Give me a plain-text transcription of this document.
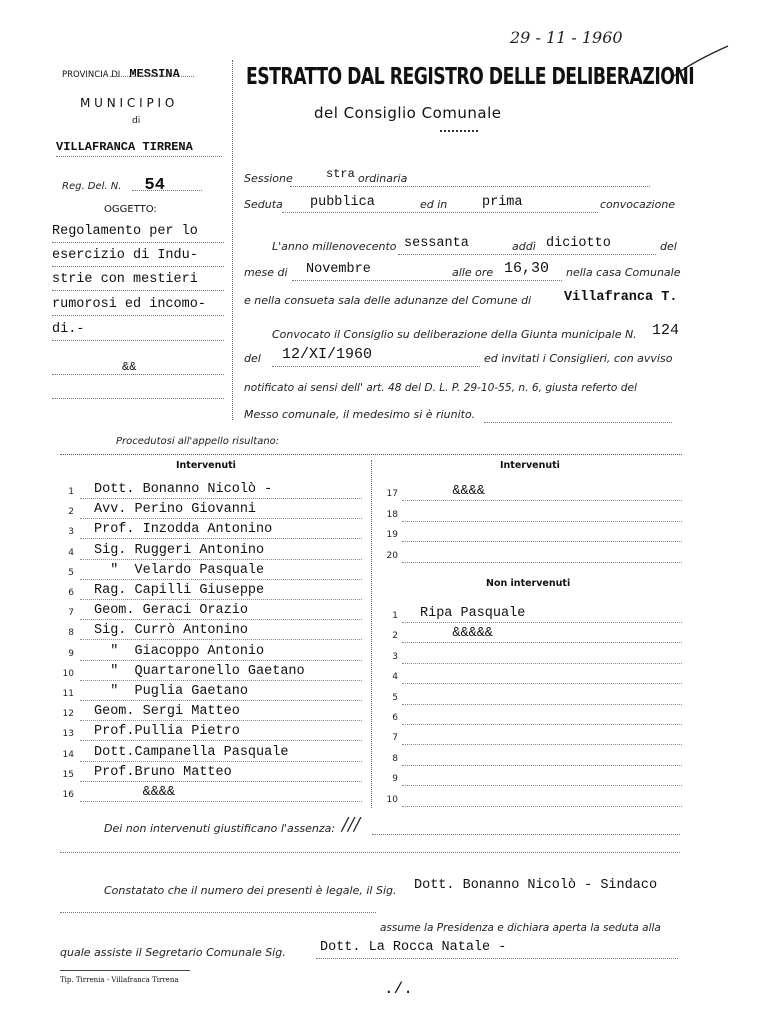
29 - 11 - 1960
PROVINCIA DI MESSINA
M U N I C I P I O
di
VILLAFRANCA TIRRENA
Reg. Del. N. 54
OGGETTO:
Regolamento per lo
esercizio di Indu-
strie con mestieri
rumorosi ed incomo-
di.-
&&
ESTRATTO DAL REGISTRO DELLE DELIBERAZIONI
del Consiglio Comunale
Sessione	stra ordinaria
Seduta pubblica	ed in	prima	convocazione
L'anno millenovecento sessanta	addì diciotto	del
mese di Novembre	alle ore 16,30 nella casa Comunale
e nella consueta sala delle adunanze del Comune di Villafranca T.
Convocato il Consiglio su deliberazione della Giunta municipale N. 124
del 12/XI/1960	ed invitati i Consiglieri, con avviso
notificato ai sensi dell' art. 48 del D. L. P. 29-10-55, n. 6, giusta referto del
Messo comunale, il medesimo si è riunito.
Procedutosi all'appello risultano:
Intervenuti	Intervenuti
1 Dott. Bonanno Nicolò -
2 Avv. Perino Giovanni
3 Prof. Inzodda Antonino
4 Sig. Ruggeri Antonino
5 "  Velardo Pasquale
6 Rag. Capilli Giuseppe
7 Geom. Geraci Orazio
8 Sig. Currò Antonino
9 "  Giacoppo Antonio
10 "  Quartaronello Gaetano
11 "  Puglia Gaetano
12 Geom. Sergi Matteo
13 Prof.Pullia Pietro
14 Dott.Campanella Pasquale
15 Prof.Bruno Matteo
16 &&&&
17 &&&&
18
19
20
Non intervenuti
1 Ripa Pasquale
2 &&&&&
3
4
5
6
7
8
9
10
Dei non intervenuti giustificano l'assenza: ///
Constatato che il numero dei presenti è legale, il Sig. Dott. Bonanno Nicolò - Sindaco
assume la Presidenza e dichiara aperta la seduta alla
quale assiste il Segretario Comunale Sig.	Dott. La Rocca Natale -
Tip. Tirrenia - Villafranca Tirrena	./.
